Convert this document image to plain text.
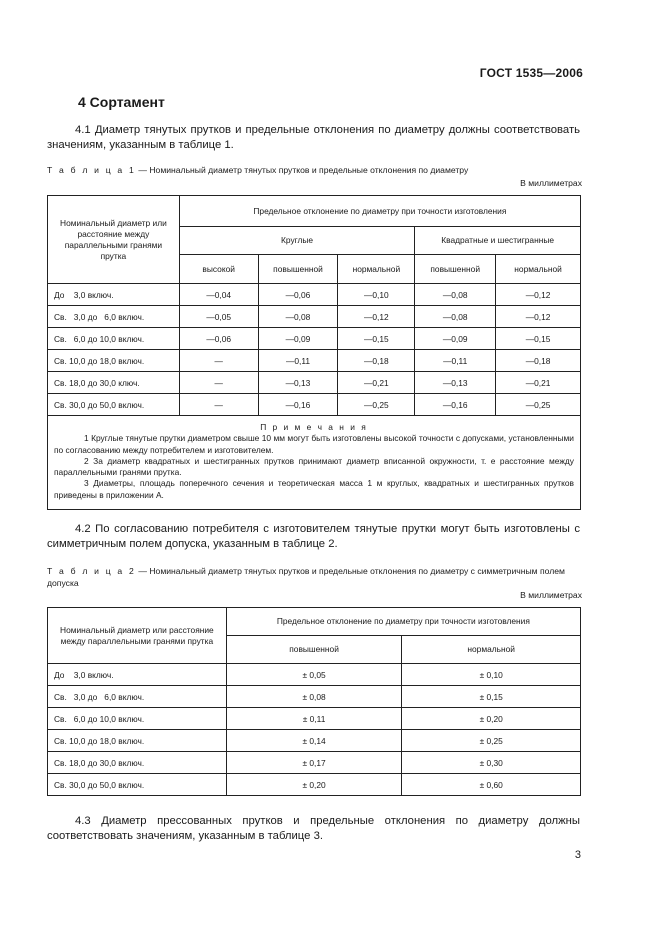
ГОСТ 1535—2006
4 Сортамент
4.1 Диаметр тянутых прутков и предельные отклонения по диаметру должны соответствовать значениям, указанным в таблице 1.
Т а б л и ц а 1 — Номинальный диаметр тянутых прутков и предельные отклонения по диаметру
В миллиметрах
Номинальный диаметр или расстояние между параллельными гранями прутка	Предельное отклонение по диаметру при точности изготовления				
	Круглые			Квадратные и шестигранные	
	высокой	повышенной	нормальной	повышенной	нормальной
До    3,0 включ.	—0,04	—0,06	—0,10	—0,08	—0,12
Св.   3,0 до   6,0 включ.	—0,05	—0,08	—0,12	—0,08	—0,12
Св.   6,0 до 10,0 включ.	—0,06	—0,09	—0,15	—0,09	—0,15
Св. 10,0 до 18,0 включ.	—	—0,11	—0,18	—0,11	—0,18
Св. 18,0 до 30,0 ключ.	—	—0,13	—0,21	—0,13	—0,21
Св. 30,0 до 50,0 включ.	—	—0,16	—0,25	—0,16	—0,25

П р и м е ч а н и я
1 Круглые тянутые прутки диаметром свыше 10 мм могут быть изготовлены высокой точности с допусками, установленными по согласованию между потребителем и изготовителем.
2 За диаметр квадратных и шестигранных прутков принимают диаметр вписанной окружности, т. е расстояние между параллельными гранями прутка.
3 Диаметры, площадь поперечного сечения и теоретическая масса 1 м круглых, квадратных и шестигранных прутков приведены в приложении А.					
4.2 По согласованию потребителя с изготовителем тянутые прутки могут быть изготовлены с симметричным полем допуска, указанным в таблице 2.
Т а б л и ц а 2 — Номинальный диаметр тянутых прутков и предельные отклонения по диаметру с симметричным полем допуска
В миллиметрах
Номинальный диаметр или расстояние между параллельными гранями прутка	Предельное отклонение по диаметру при точности изготовления	
	повышенной	нормальной
До    3,0 включ.	± 0,05	± 0,10
Св.   3,0 до   6,0 включ.	± 0,08	± 0,15
Св.   6,0 до 10,0 включ.	± 0,11	± 0,20
Св. 10,0 до 18,0 включ.	± 0,14	± 0,25
Св. 18,0 до 30,0 включ.	± 0,17	± 0,30
Св. 30,0 до 50,0 включ.	± 0,20	± 0,60
4.3 Диаметр прессованных прутков и предельные отклонения по диаметру должны соответствовать значениям, указанным в таблице 3.
3
